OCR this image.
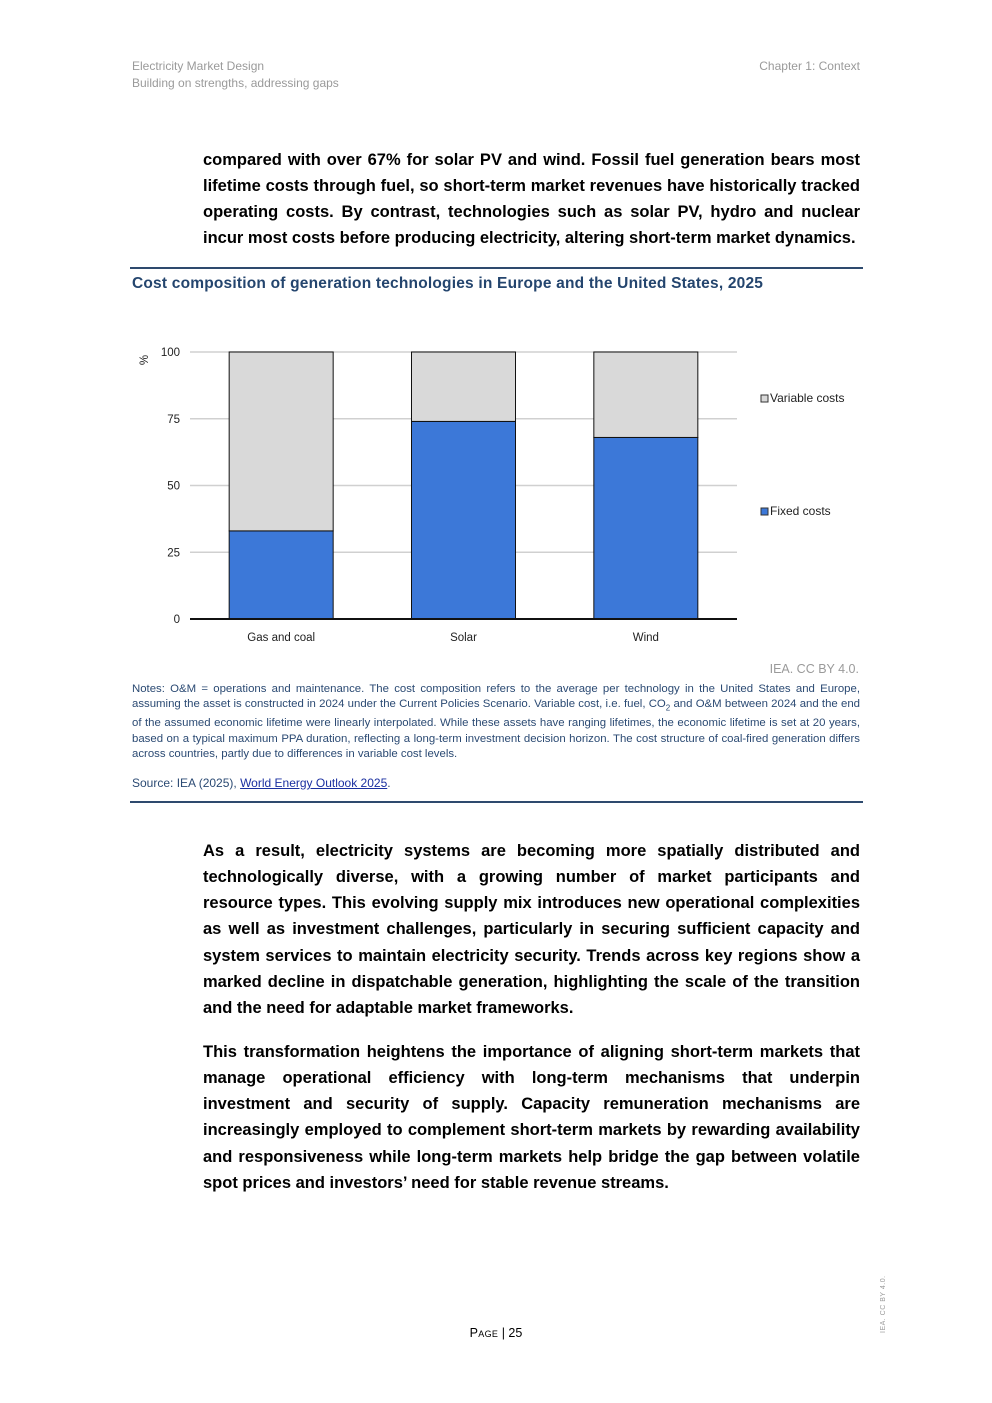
Electricity Market Design
Building on strengths, addressing gaps
Chapter 1: Context

compared with over 67% for solar PV and wind. Fossil fuel generation bears most lifetime costs through fuel, so short-term market revenues have historically tracked operating costs. By contrast, technologies such as solar PV, hydro and nuclear incur most costs before producing electricity, altering short-term market dynamics.

Cost composition of generation technologies in Europe and the United States, 2025
0
25
50
75
100
%
Gas and coal	Solar	Wind
Variable costs
Fixed costs
IEA. CC BY 4.0.
Notes: O&M = operations and maintenance. The cost composition refers to the average per technology in the United States and Europe, assuming the asset is constructed in 2024 under the Current Policies Scenario. Variable cost, i.e. fuel, $CO_2$ and O&M between 2024 and the end of the assumed economic lifetime were linearly interpolated. While these assets have ranging lifetimes, the economic lifetime is set at 20 years, based on a typical maximum PPA duration, reflecting a long-term investment decision horizon. The cost structure of coal-fired generation differs across countries, partly due to differences in variable cost levels.
Source: IEA (2025), World Energy Outlook 2025.

As a result, electricity systems are becoming more spatially distributed and technologically diverse, with a growing number of market participants and resource types. This evolving supply mix introduces new operational complexities as well as investment challenges, particularly in securing sufficient capacity and system services to maintain electricity security. Trends across key regions show a marked decline in dispatchable generation, highlighting the scale of the transition and the need for adaptable market frameworks.

This transformation heightens the importance of aligning short-term markets that manage operational efficiency with long-term mechanisms that underpin investment and security of supply. Capacity remuneration mechanisms are increasingly employed to complement short-term markets by rewarding availability and responsiveness while long-term markets help bridge the gap between volatile spot prices and investors’ need for stable revenue streams.

Page | 25	IEA. CC BY 4.0.
